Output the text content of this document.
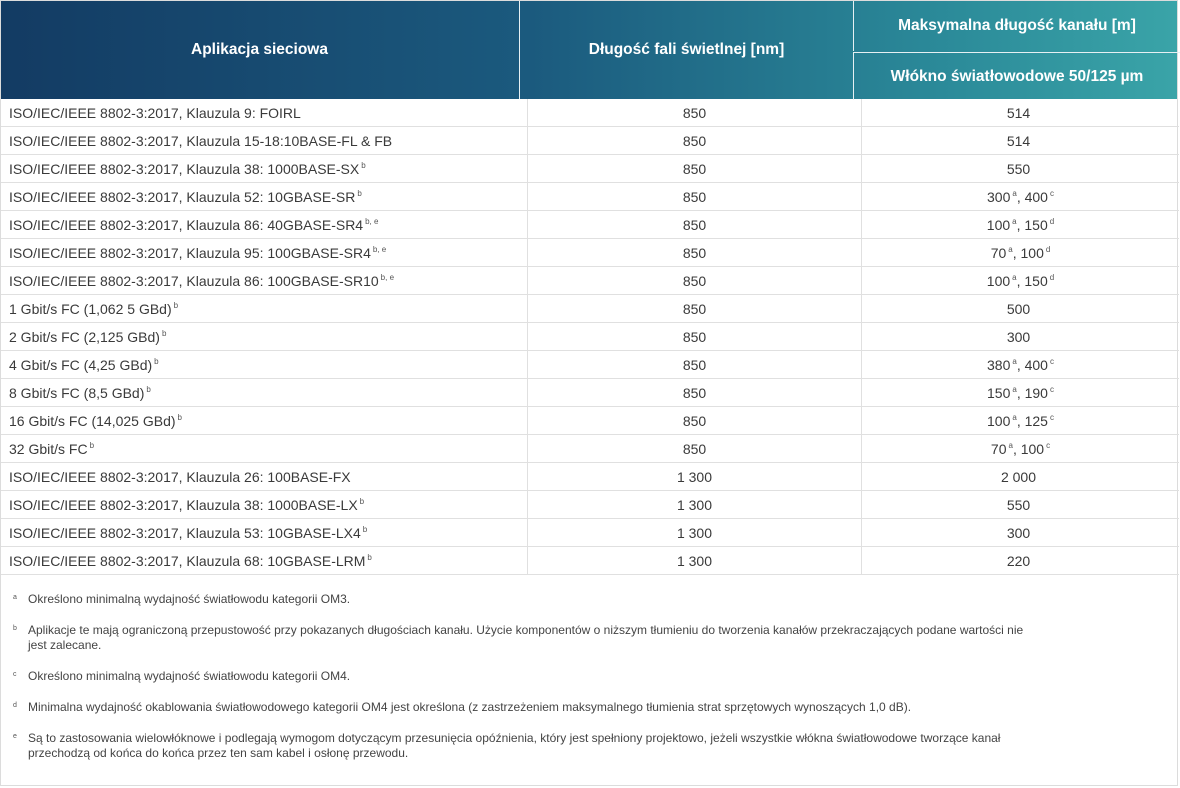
Aplikacja sieciowa	Długość fali świetlnej [nm]
Maksymalna długość kanału [m]
Włókno światłowodowe 50/125 µm
ISO/IEC/IEEE 8802-3:2017, Klauzula 9: FOIRL	850	514
ISO/IEC/IEEE 8802-3:2017, Klauzula 15-18:10BASE-FL & FB	850	514
ISO/IEC/IEEE 8802-3:2017, Klauzula 38: 1000BASE-SX $^b$	850	550
ISO/IEC/IEEE 8802-3:2017, Klauzula 52: 10GBASE-SR $^b$	850	300 $^a$, 400 $^c$
ISO/IEC/IEEE 8802-3:2017, Klauzula 86: 40GBASE-SR4 $^{b, e}$	850	100 $^a$, 150 $^d$
ISO/IEC/IEEE 8802-3:2017, Klauzula 95: 100GBASE-SR4 $^{b, e}$	850	70 $^a$, 100 $^d$
ISO/IEC/IEEE 8802-3:2017, Klauzula 86: 100GBASE-SR10 $^{b, e}$	850	100 $^a$, 150 $^d$
1 Gbit/s FC (1,062 5 GBd) $^b$	850	500
2 Gbit/s FC (2,125 GBd) $^b$	850	300
4 Gbit/s FC (4,25 GBd) $^b$	850	380 $^a$, 400 $^c$
8 Gbit/s FC (8,5 GBd) $^b$	850	150 $^a$, 190 $^c$
16 Gbit/s FC (14,025 GBd) $^b$	850	100 $^a$, 125 $^c$
32 Gbit/s FC $^b$	850	70 $^a$, 100 $^c$
ISO/IEC/IEEE 8802-3:2017, Klauzula 26: 100BASE-FX	1 300	2 000
ISO/IEC/IEEE 8802-3:2017, Klauzula 38: 1000BASE-LX $^b$	1 300	550
ISO/IEC/IEEE 8802-3:2017, Klauzula 53: 10GBASE-LX4 $^b$	1 300	300
ISO/IEC/IEEE 8802-3:2017, Klauzula 68: 10GBASE-LRM $^b$	1 300	220
a Określono minimalną wydajność światłowodu kategorii OM3.
b Aplikacje te mają ograniczoną przepustowość przy pokazanych długościach kanału. Użycie komponentów o niższym tłumieniu do tworzenia kanałów przekraczających podane wartości nie jest zalecane.
c Określono minimalną wydajność światłowodu kategorii OM4.
d Minimalna wydajność okablowania światłowodowego kategorii OM4 jest określona (z zastrzeżeniem maksymalnego tłumienia strat sprzętowych wynoszących 1,0 dB).
e Są to zastosowania wielowłóknowe i podlegają wymogom dotyczącym przesunięcia opóźnienia, który jest spełniony projektowo, jeżeli wszystkie włókna światłowodowe tworzące kanał przechodzą od końca do końca przez ten sam kabel i osłonę przewodu.
